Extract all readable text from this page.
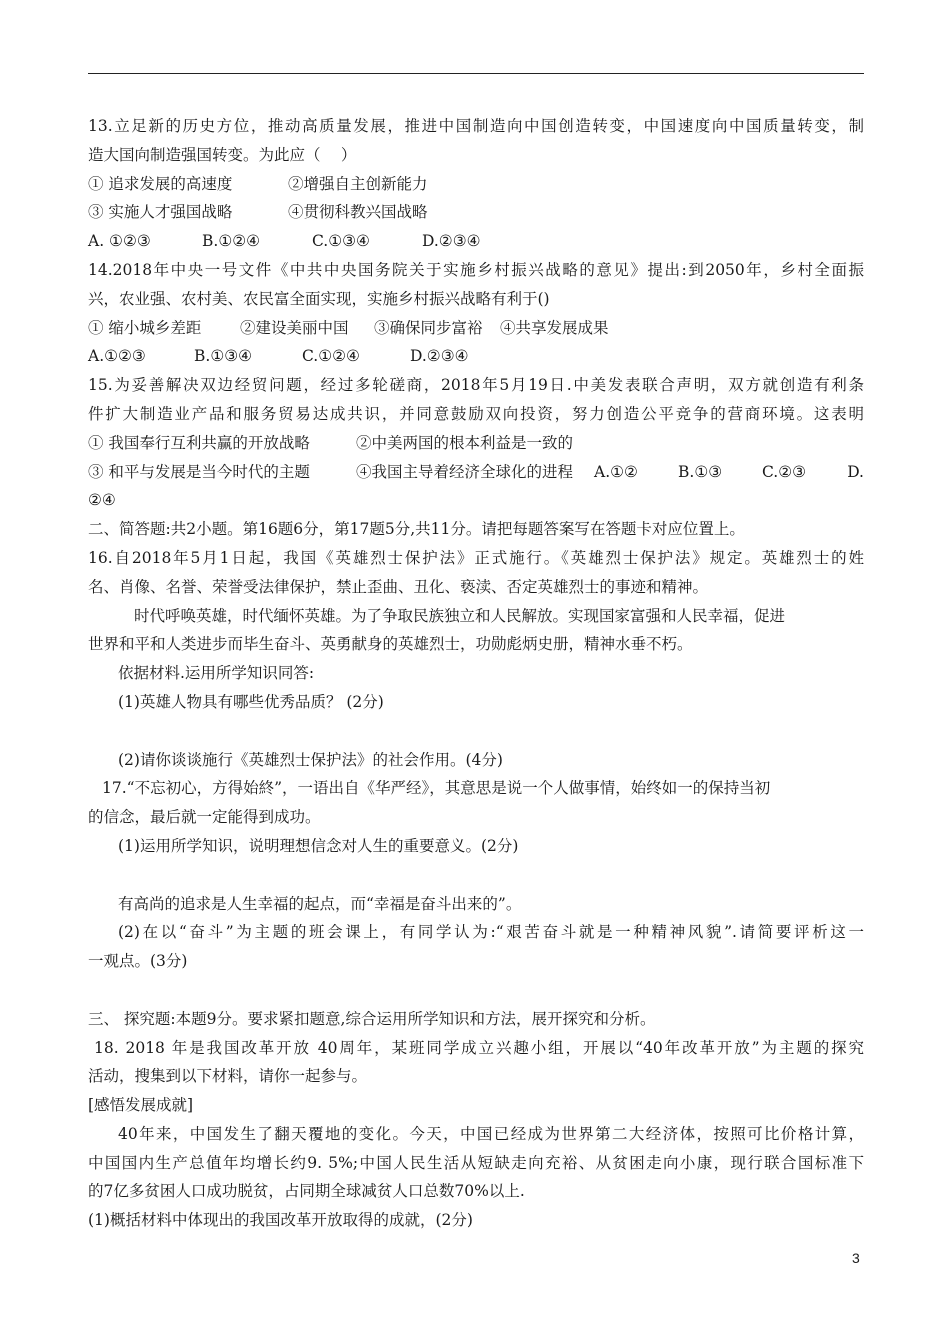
13.立足新的历史方位，推动高质量发展，推进中国制造向中国创造转变，中国速度向中国质量转变，制
造大国向制造强国转变。为此应（　 ）
① 追求发展的高速度	②增强自主创新能力
③ 实施人才强国战略	④贯彻科教兴国战略
A. ①②③	B.①②④	C.①③④	D.②③④
14.2018年中央一号文件《中共中央国务院关于实施乡村振兴战略的意见》提出:到2050年，乡村全面振
兴，农业强、农村美、农民富全面实现，实施乡村振兴战略有利于()
① 缩小城乡差距 ②建设美丽中国 ③确保同步富裕 ④共享发展成果
A.①②③	B.①③④	C.①②④	D.②③④
15.为妥善解决双边经贸问题，经过多轮磋商，2018年5月19日.中美发表联合声明，双方就创造有利条
件扩大制造业产品和服务贸易达成共识，并同意鼓励双向投资，努力创造公平竞争的营商环境。这表明
① 我国奉行互利共赢的开放战略	②中美两国的根本利益是一致的
③ 和平与发展是当今时代的主题	④我国主导着经济全球化的进程 A.①②	B.①③	C.②③	D.
②④
二、简答题:共2小题。第16题6分，第17题5分,共11分。请把每题答案写在答题卡对应位置上。
16.自2018年5月1日起，我国《英雄烈士保护法》正式施行。《英雄烈士保护法》规定。英雄烈士的姓
名、肖像、名誉、荣誉受法律保护，禁止歪曲、丑化、亵渎、否定英雄烈士的事迹和精神。
时代呼唤英雄，时代缅怀英雄。为了争取民族独立和人民解放。实现国家富强和人民幸福，促进
世界和平和人类进步而毕生奋斗、英勇献身的英雄烈士，功勋彪炳史册，精神水垂不朽。
依据材料.运用所学知识同答:
(1)英雄人物具有哪些优秀品质？ (2分)
(2)请你谈谈施行《英雄烈士保护法》的社会作用。(4分)
17.“不忘初心，方得始終”，一语出自《华严经》，其意思是说一个人做事情，始终如一的保持当初
的信念，最后就一定能得到成功。
(1)运用所学知识，说明理想信念对人生的重要意义。(2分)
有高尚的追求是人生幸福的起点，而“幸福是奋斗出来的”。
(2)在以“奋斗”为主题的班会课上，有同学认为:“艰苦奋斗就是一种精神风貌”.请简要评析这一
一观点。(3分)
三、 探究题:本题9分。要求紧扣题意,综合运用所学知识和方法，展开探究和分析。
18. 2018 年是我国改革开放 40周年，某班同学成立兴趣小组，开展以“40年改革开放”为主题的探究
活动，搜集到以下材料，请你一起参与。
[感悟发展成就]
40年来，中国发生了翻天覆地的变化。今天，中国已经成为世界第二大经济体，按照可比价格计算，
中国国内生产总值年均增长约9. 5%;中国人民生活从短缺走向充裕、从贫困走向小康，现行联合国标准下
的7亿多贫困人口成功脱贫，占同期全球减贫人口总数70%以上.
(1)概括材料中体现出的我国改革开放取得的成就，(2分)
3
